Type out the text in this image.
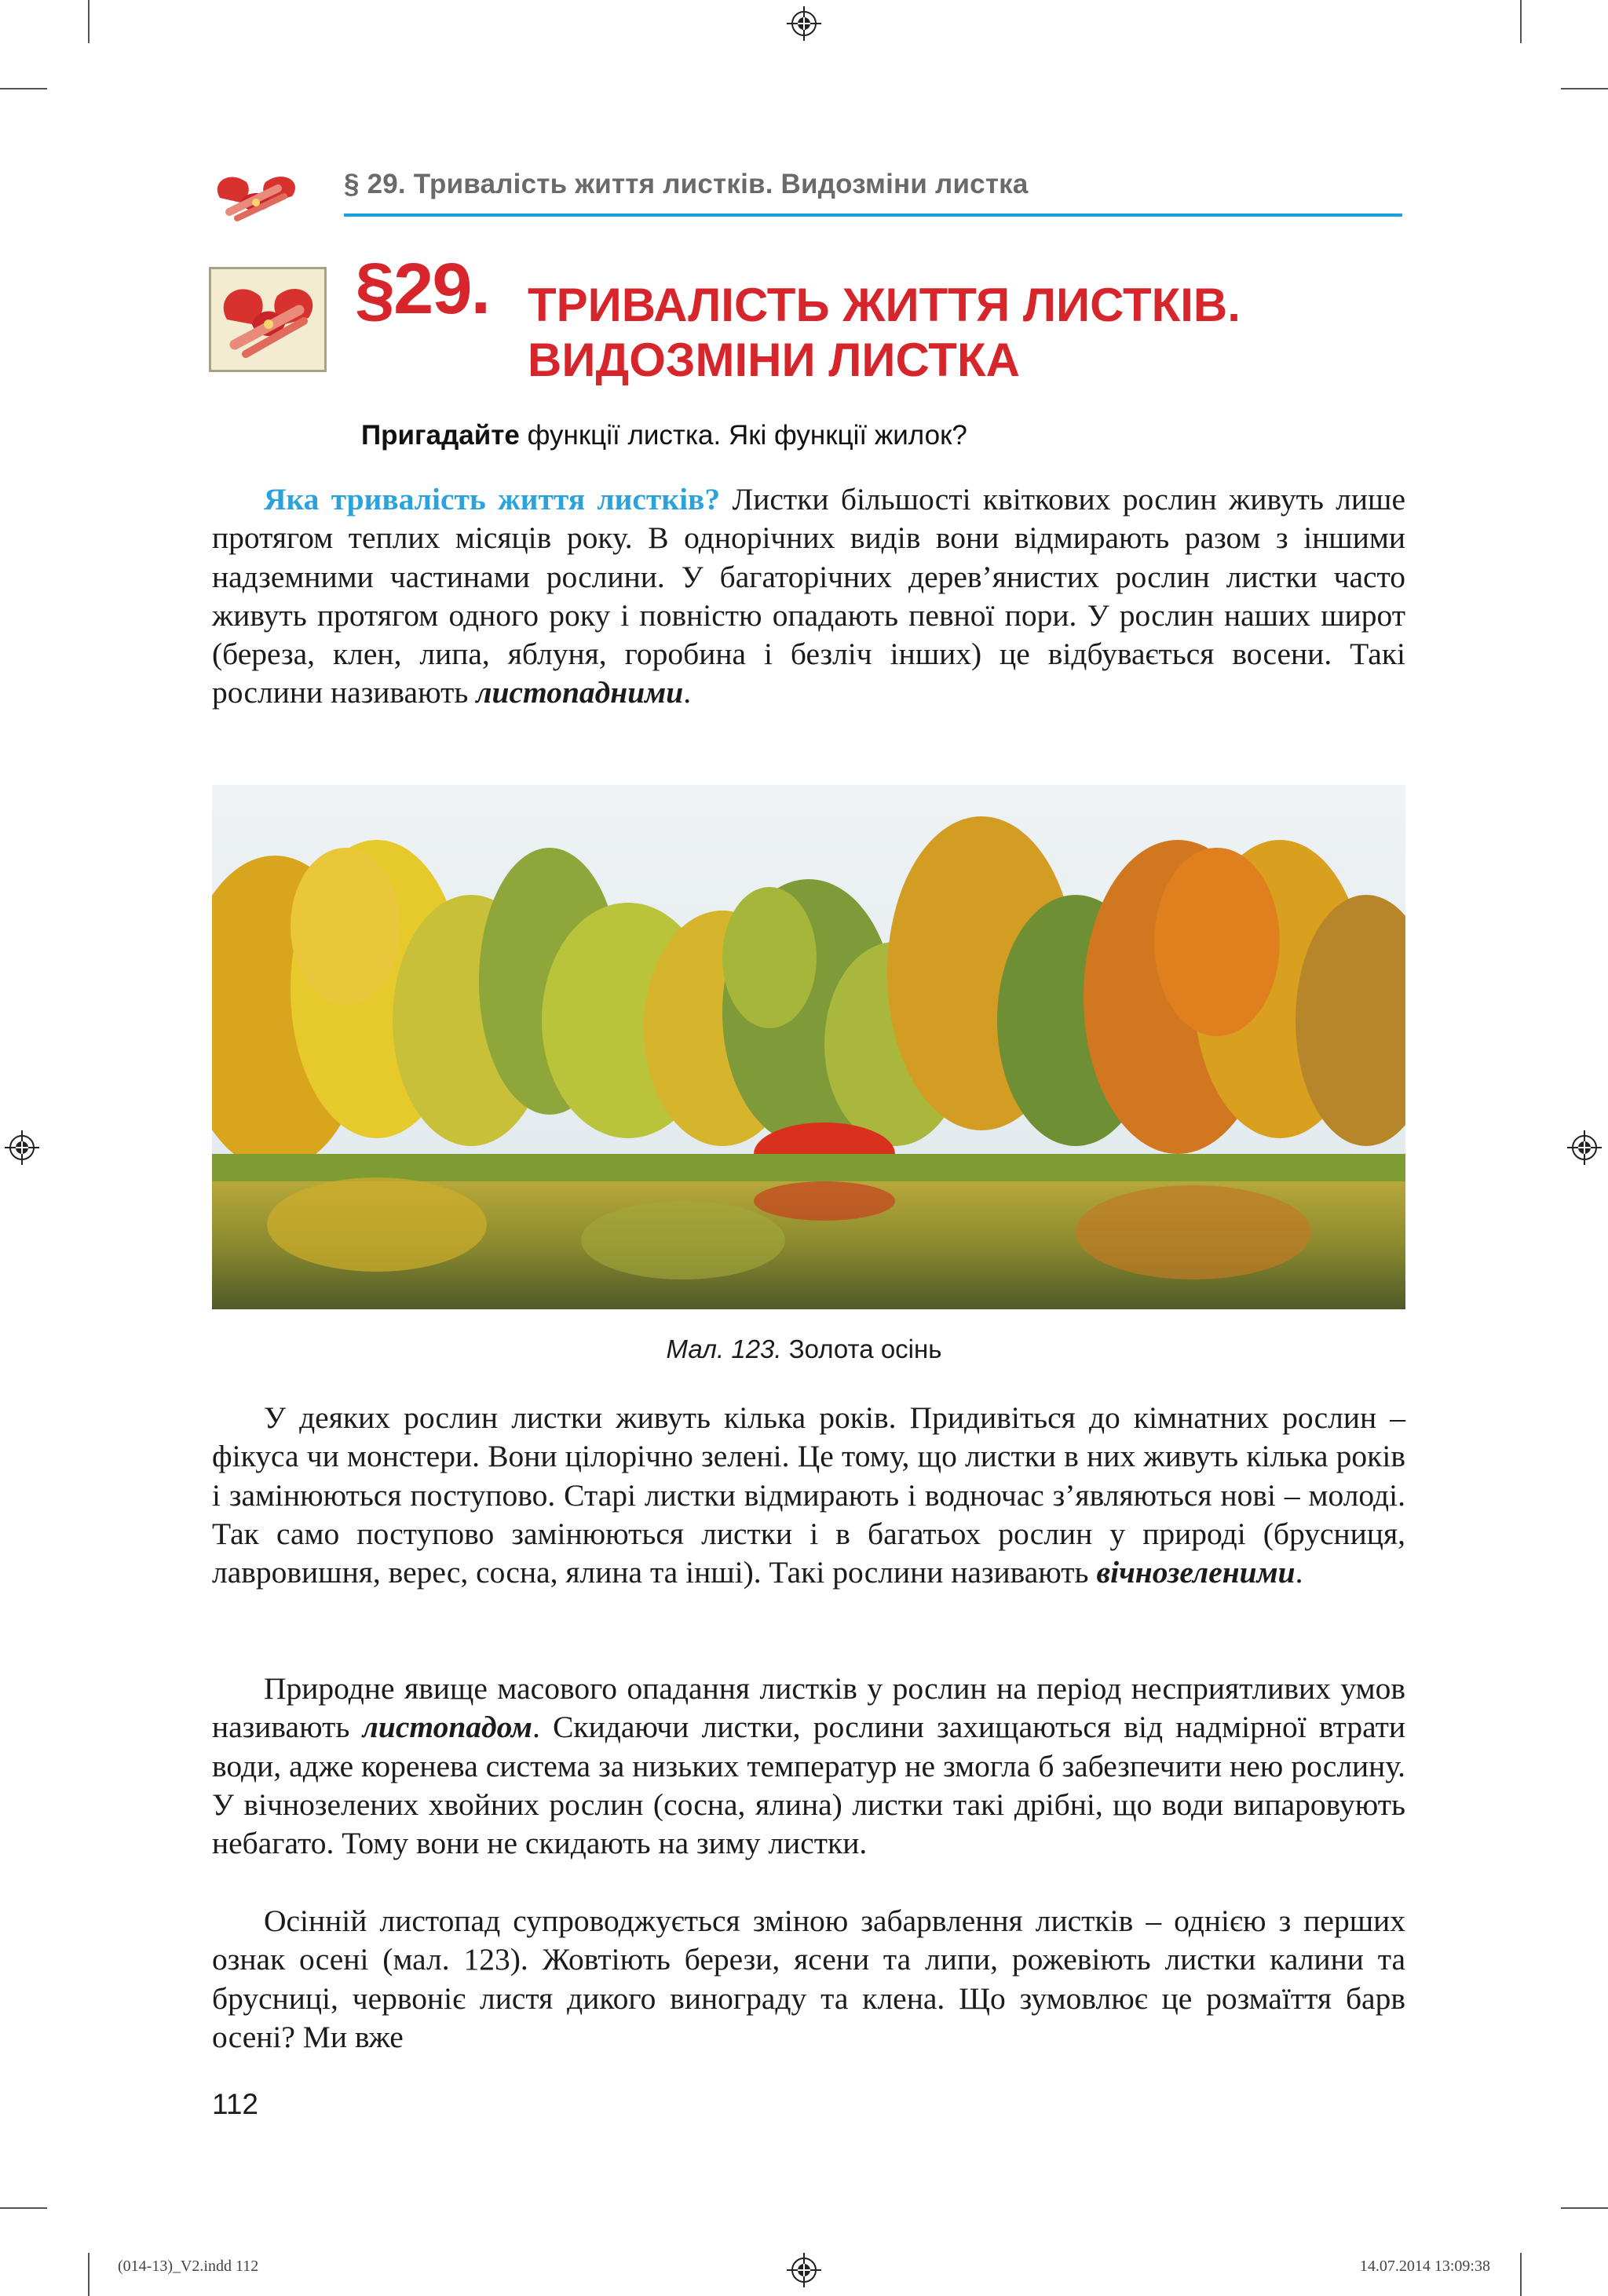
§ 29. Тривалість життя листків. Видозміни листка
§29. ТРИВАЛІСТЬ ЖИТТЯ ЛИСТКІВ.
ВИДОЗМІНИ ЛИСТКА
Пригадайте функції листка. Які функції жилок?
Яка тривалість життя листків? Листки більшості квіткових рослин живуть лише протягом теплих місяців року. В однорічних видів вони відмирають разом з іншими надземними частинами рослини. У багаторічних дерев’янистих рослин листки часто живуть протягом одного року і повністю опадають певної пори. У рослин наших широт (береза, клен, липа, яблуня, горобина і безліч інших) це відбувається восени. Такі рослини називають листопадними.
Мал. 123. Золота осінь
У деяких рослин листки живуть кілька років. Придивіться до кімнатних рослин – фікуса чи монстери. Вони цілорічно зелені. Це тому, що листки в них живуть кілька років і замінюються поступово. Старі листки відмирають і водночас з’являються нові – молоді. Так само поступово замінюються листки і в багатьох рослин у природі (брусниця, лавровишня, верес, сосна, ялина та інші). Такі рослини називають вічнозеленими.
Природне явище масового опадання листків у рослин на період несприятливих умов називають листопадом. Скидаючи листки, рослини захищаються від надмірної втрати води, адже коренева система за низьких температур не змогла б забезпечити нею рослину. У вічнозелених хвойних рослин (сосна, ялина) листки такі дрібні, що води випаровують небагато. Тому вони не скидають на зиму листки.
Осінній листопад супроводжується зміною забарвлення листків – однією з перших ознак осені (мал. 123). Жовтіють берези, ясени та липи, рожевіють листки калини та брусниці, червоніє листя дикого винограду та клена. Що зумовлює це розмаїття барв осені? Ми вже
112
(014-13)_V2.indd 112	14.07.2014 13:09:38
